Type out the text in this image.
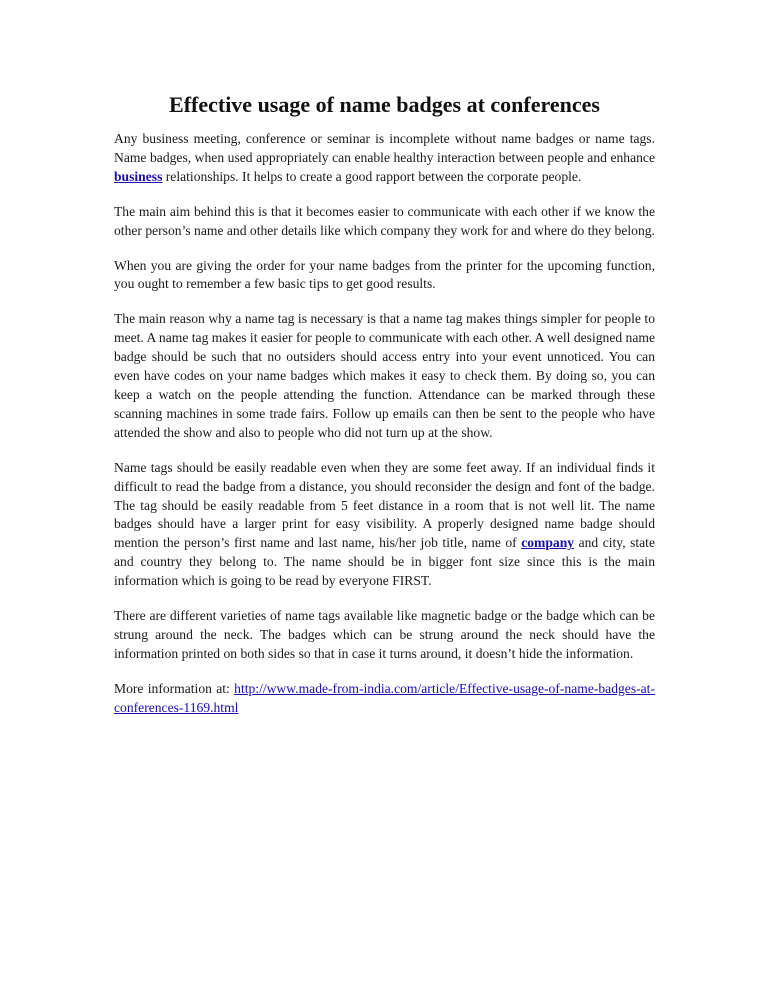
Effective usage of name badges at conferences

Any business meeting, conference or seminar is incomplete without name badges or name tags. Name badges, when used appropriately can enable healthy interaction between people and enhance business relationships. It helps to create a good rapport between the corporate people.

The main aim behind this is that it becomes easier to communicate with each other if we know the other person’s name and other details like which company they work for and where do they belong.

When you are giving the order for your name badges from the printer for the upcoming function, you ought to remember a few basic tips to get good results.

The main reason why a name tag is necessary is that a name tag makes things simpler for people to meet. A name tag makes it easier for people to communicate with each other. A well designed name badge should be such that no outsiders should access entry into your event unnoticed. You can even have codes on your name badges which makes it easy to check them. By doing so, you can keep a watch on the people attending the function. Attendance can be marked through these scanning machines in some trade fairs. Follow up emails can then be sent to the people who have attended the show and also to people who did not turn up at the show.

Name tags should be easily readable even when they are some feet away. If an individual finds it difficult to read the badge from a distance, you should reconsider the design and font of the badge. The tag should be easily readable from 5 feet distance in a room that is not well lit. The name badges should have a larger print for easy visibility. A properly designed name badge should mention the person’s first name and last name, his/her job title, name of company and city, state and country they belong to. The name should be in bigger font size since this is the main information which is going to be read by everyone FIRST.

There are different varieties of name tags available like magnetic badge or the badge which can be strung around the neck. The badges which can be strung around the neck should have the information printed on both sides so that in case it turns around, it doesn’t hide the information.

More information at: http://www.made-from-india.com/article/Effective-usage-of-name-badges-at-conferences-1169.html
